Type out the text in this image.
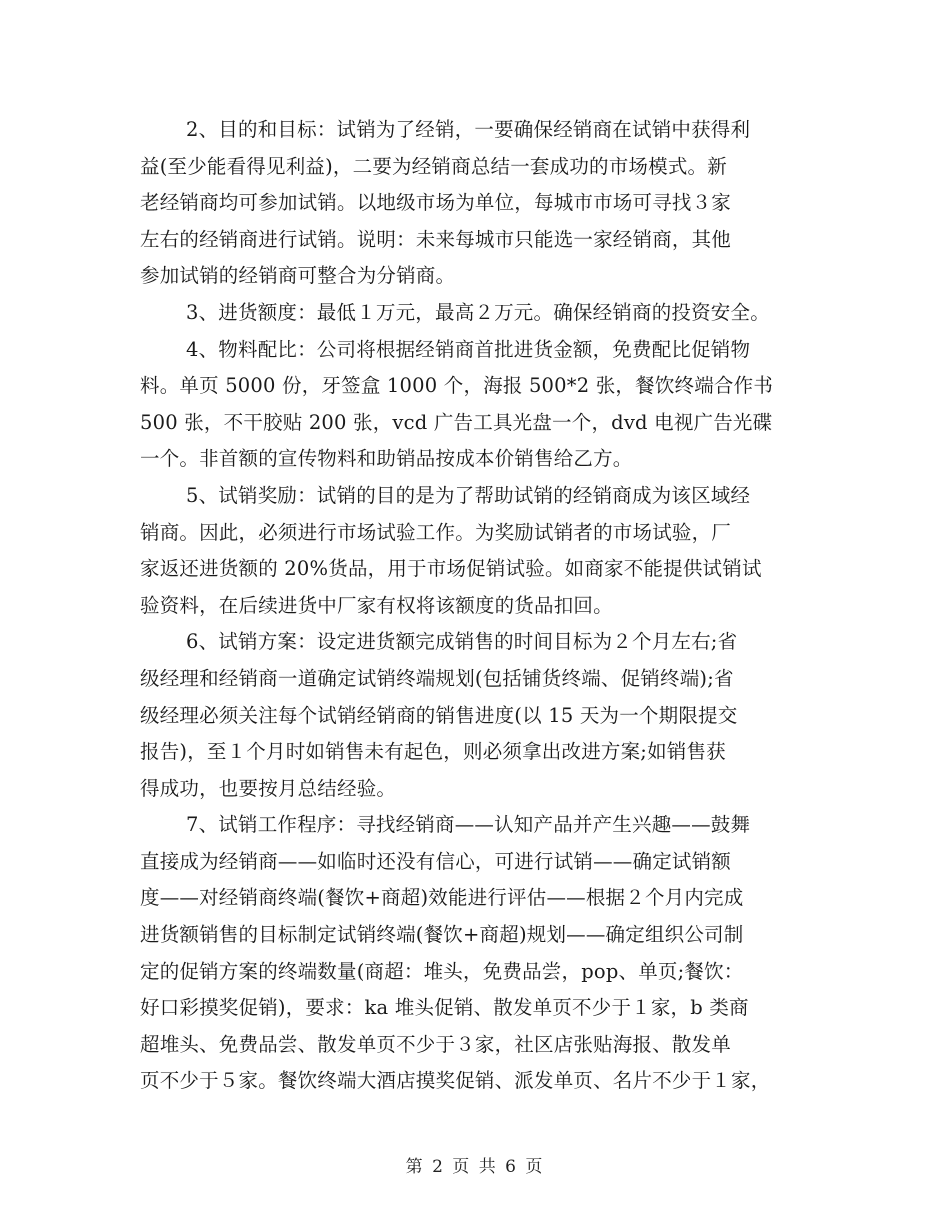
2、目的和目标：试销为了经销，一要确保经销商在试销中获得利
益(至少能看得见利益)，二要为经销商总结一套成功的市场模式。新
老经销商均可参加试销。以地级市场为单位，每城市市场可寻找３家
左右的经销商进行试销。说明：未来每城市只能选一家经销商，其他
参加试销的经销商可整合为分销商。
3、进货额度：最低１万元，最高２万元。确保经销商的投资安全。
4、物料配比：公司将根据经销商首批进货金额，免费配比促销物
料。单页 5000 份，牙签盒 1000 个，海报 500*2 张，餐饮终端合作书
500 张，不干胶贴 200 张，vcd 广告工具光盘一个，dvd 电视广告光碟
一个。非首额的宣传物料和助销品按成本价销售给乙方。
5、试销奖励：试销的目的是为了帮助试销的经销商成为该区域经
销商。因此，必须进行市场试验工作。为奖励试销者的市场试验，厂
家返还进货额的 20%货品，用于市场促销试验。如商家不能提供试销试
验资料，在后续进货中厂家有权将该额度的货品扣回。
6、试销方案：设定进货额完成销售的时间目标为２个月左右;省
级经理和经销商一道确定试销终端规划(包括铺货终端、促销终端);省
级经理必须关注每个试销经销商的销售进度(以 15 天为一个期限提交
报告)，至１个月时如销售未有起色，则必须拿出改进方案;如销售获
得成功，也要按月总结经验。
7、试销工作程序：寻找经销商——认知产品并产生兴趣——鼓舞
直接成为经销商——如临时还没有信心，可进行试销——确定试销额
度——对经销商终端(餐饮+商超)效能进行评估——根据２个月内完成
进货额销售的目标制定试销终端(餐饮+商超)规划——确定组织公司制
定的促销方案的终端数量(商超：堆头，免费品尝，pop、单页;餐饮：
好口彩摸奖促销)，要求：ka 堆头促销、散发单页不少于１家，b 类商
超堆头、免费品尝、散发单页不少于３家，社区店张贴海报、散发单
页不少于５家。餐饮终端大酒店摸奖促销、派发单页、名片不少于１家，
第 2 页 共 6 页
